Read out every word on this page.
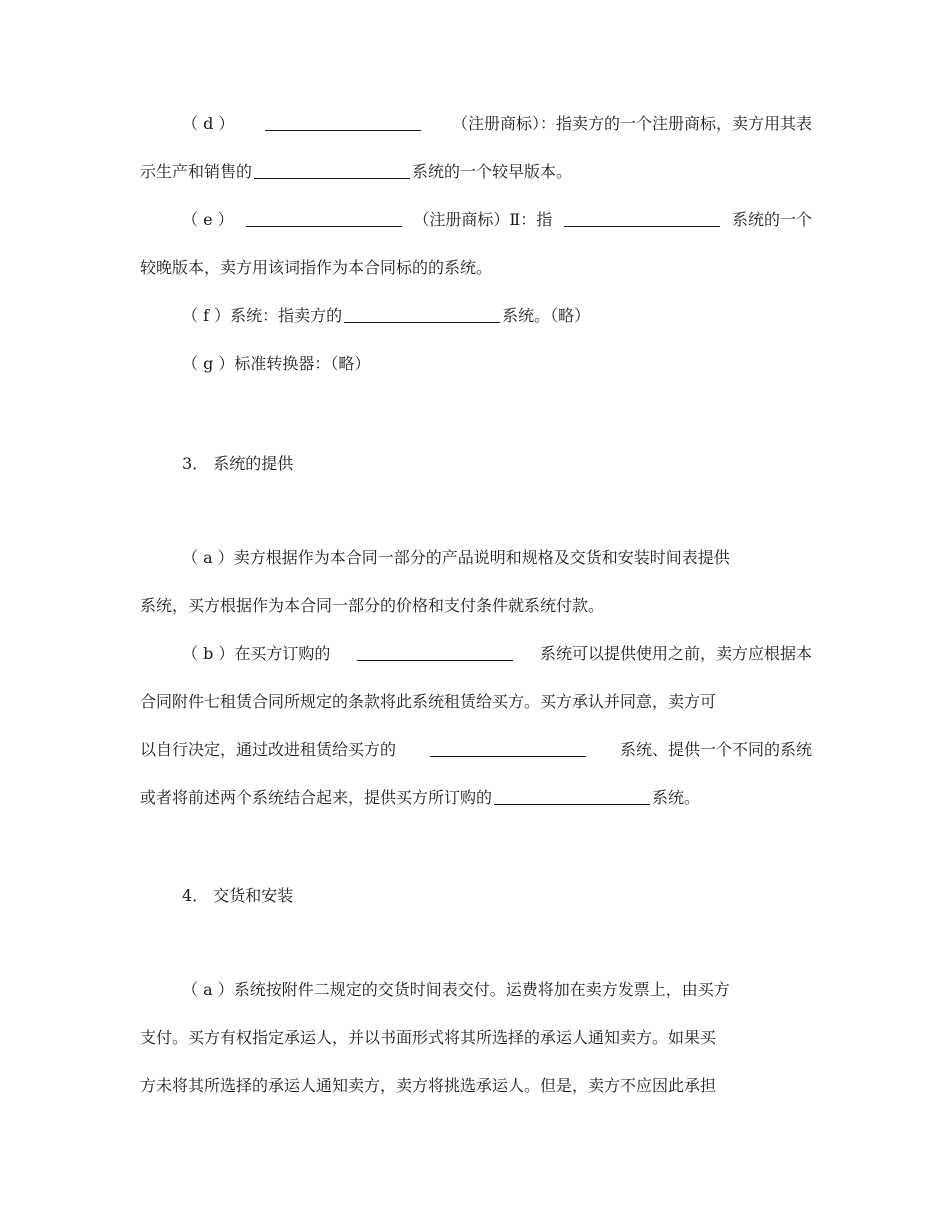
（ d ）	（注册商标）：指卖方的一个注册商标，卖方用其表
示生产和销售的	系统的一个较早版本。
（ e ）	（注册商标）Ⅱ：指	系统的一个
较晚版本，卖方用该词指作为本合同标的的系统。
（ f ）系统：指卖方的	系统。（略）
（ g ）标准转换器：（略）
3． 系统的提供
（ a ）卖方根据作为本合同一部分的产品说明和规格及交货和安装时间表提供
系统，买方根据作为本合同一部分的价格和支付条件就系统付款。
（ b ）在买方订购的	系统可以提供使用之前，卖方应根据本
合同附件七租赁合同所规定的条款将此系统租赁给买方。买方承认并同意，卖方可
以自行决定，通过改进租赁给买方的	系统、提供一个不同的系统
或者将前述两个系统结合起来，提供买方所订购的	系统。
4． 交货和安装
（ a ）系统按附件二规定的交货时间表交付。运费将加在卖方发票上，由买方
支付。买方有权指定承运人，并以书面形式将其所选择的承运人通知卖方。如果买
方未将其所选择的承运人通知卖方，卖方将挑选承运人。但是，卖方不应因此承担
